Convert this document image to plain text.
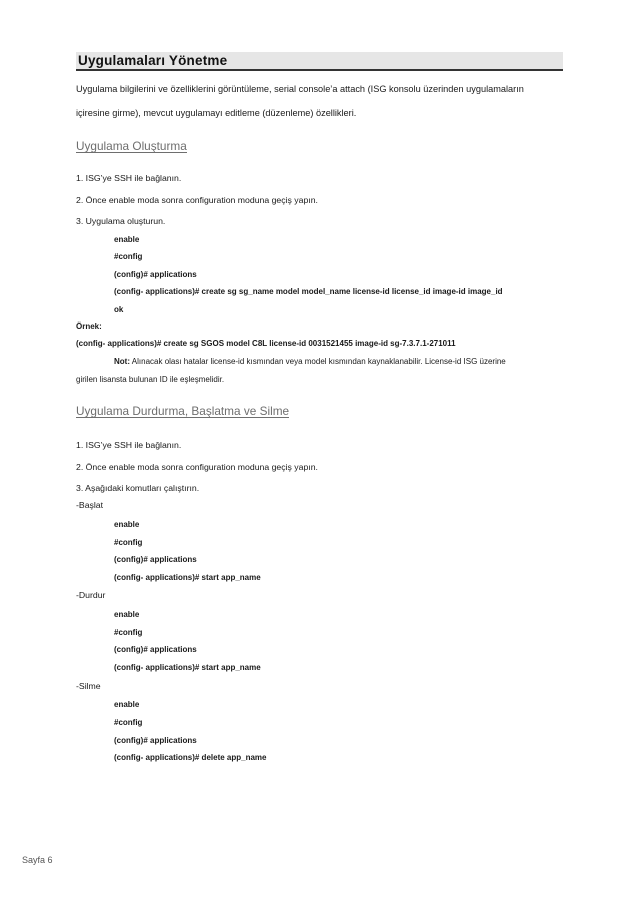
Uygulamaları Yönetme
Uygulama bilgilerini ve özelliklerini görüntüleme, serial console’a attach (ISG konsolu üzerinden uygulamaların
içiresine girme), mevcut uygulamayı editleme (düzenleme) özellikleri.
Uygulama Oluşturma
1. ISG’ye SSH ile bağlanın.
2. Önce enable moda sonra configuration moduna geçiş yapın.
3. Uygulama oluşturun.
enable
#config
(config)# applications
(config- applications)# create sg sg_name model model_name license-id license_id image-id image_id
ok
Örnek:
(config- applications)# create sg SGOS model C8L license-id 0031521455 image-id sg-7.3.7.1-271011
Not: Alınacak olası hatalar license-id kısmından veya model kısmından kaynaklanabilir. License-id ISG üzerine
girilen lisansta bulunan ID ile eşleşmelidir.
Uygulama Durdurma, Başlatma ve Silme
1. ISG’ye SSH ile bağlanın.
2. Önce enable moda sonra configuration moduna geçiş yapın.
3. Aşağıdaki komutları çalıştırın.
-Başlat
enable
#config
(config)# applications
(config- applications)# start app_name
-Durdur
enable
#config
(config)# applications
(config- applications)# start app_name
-Silme
enable
#config
(config)# applications
(config- applications)# delete app_name
Sayfa 6
